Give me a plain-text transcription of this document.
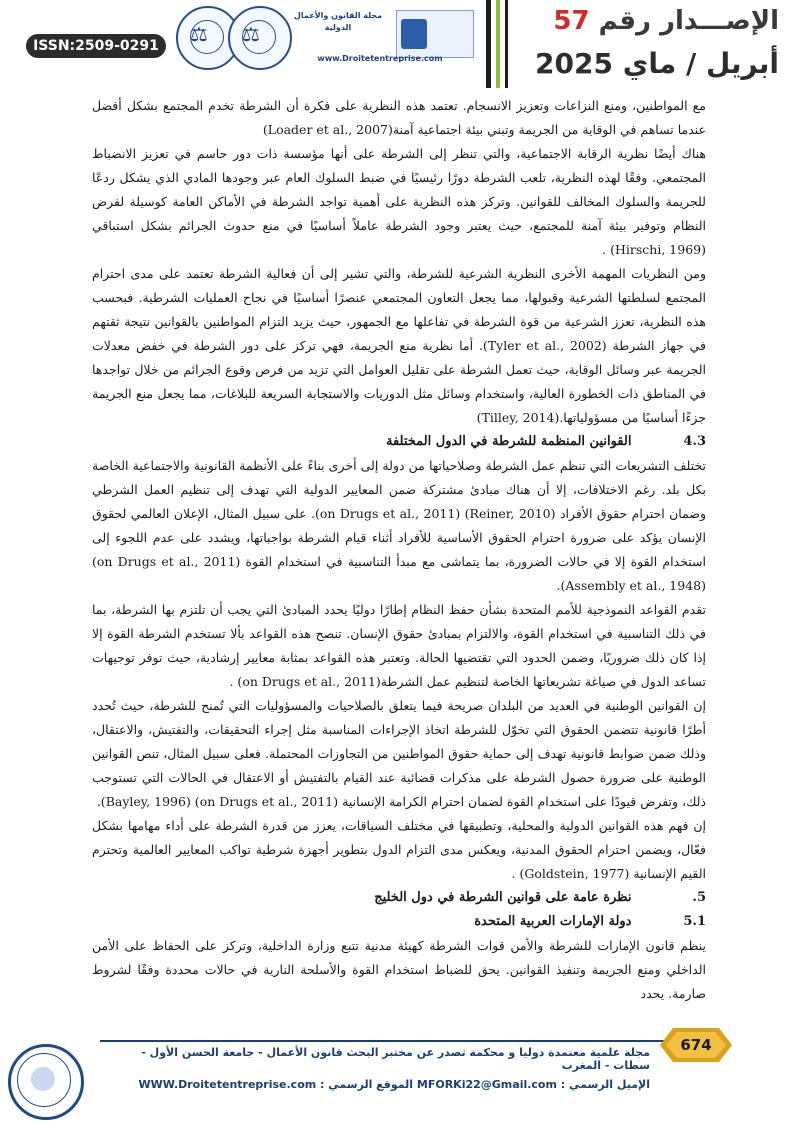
الإصـــدار رقم 57
أبريل / ماي 2025
⚖ ⚖
مجلة القانون والأعمال الدولية
www.Droitetentreprise.com
ISSN:2509-0291

مع المواطنين، ومنع النزاعات وتعزيز الانسجام. تعتمد هذه النظرية على فكرة أن الشرطة تخدم المجتمع بشكل أفضل عندما تساهم في الوقاية من الجريمة وتبني بيئة اجتماعية آمنة(Loader et al., 2007)

هناك أيضًا نظرية الرقابة الاجتماعية، والتي تنظر إلى الشرطة على أنها مؤسسة ذات دور حاسم في تعزيز الانضباط المجتمعي. وفقًا لهذه النظرية، تلعب الشرطة دورًا رئيسيًا في ضبط السلوك العام عبر وجودها المادي الذي يشكل ردعًا للجريمة والسلوك المخالف للقوانين. وتركز هذه النظرية على أهمية تواجد الشرطة في الأماكن العامة كوسيلة لفرض النظام وتوفير بيئة آمنة للمجتمع، حيث يعتبر وجود الشرطة عاملاً أساسيًا في منع حدوث الجرائم بشكل استباقي (Hirschi, 1969) .

ومن النظريات المهمة الأخرى النظرية الشرعية للشرطة، والتي تشير إلى أن فعالية الشرطة تعتمد على مدى احترام المجتمع لسلطتها الشرعية وقبولها، مما يجعل التعاون المجتمعي عنصرًا أساسيًا في نجاح العمليات الشرطية. فبحسب هذه النظرية، تعزز الشرعية من قوة الشرطة في تفاعلها مع الجمهور، حيث يزيد التزام المواطنين بالقوانين نتيجة ثقتهم في جهاز الشرطة (Tyler et al., 2002). أما نظرية منع الجريمة، فهي تركز على دور الشرطة في خفض معدلات الجريمة عبر وسائل الوقاية، حيث تعمل الشرطة على تقليل العوامل التي تزيد من فرص وقوع الجرائم من خلال تواجدها في المناطق ذات الخطورة العالية، واستخدام وسائل مثل الدوريات والاستجابة السريعة للبلاغات، مما يجعل منع الجريمة جزءًا أساسيًا من مسؤولياتها.(Tilley, 2014)

4.3 القوانين المنظمة للشرطة في الدول المختلفة

تختلف التشريعات التي تنظم عمل الشرطة وصلاحياتها من دولة إلى أخرى بناءً على الأنظمة القانونية والاجتماعية الخاصة بكل بلد. رغم الاختلافات، إلا أن هناك مبادئ مشتركة ضمن المعايير الدولية التي تهدف إلى تنظيم العمل الشرطي وضمان احترام حقوق الأفراد (Reiner, 2010) (on Drugs et al., 2011). على سبيل المثال، الإعلان العالمي لحقوق الإنسان يؤكد على ضرورة احترام الحقوق الأساسية للأفراد أثناء قيام الشرطة بواجباتها، ويشدد على عدم اللجوء إلى استخدام القوة إلا في حالات الضرورة، بما يتماشى مع مبدأ التناسبية في استخدام القوة (on Drugs et al., 2011) (Assembly et al., 1948).

تقدم القواعد النموذجية للأمم المتحدة بشأن حفظ النظام إطارًا دوليًا يحدد المبادئ التي يجب أن تلتزم بها الشرطة، بما في ذلك التناسبية في استخدام القوة، والالتزام بمبادئ حقوق الإنسان. تنصح هذه القواعد بألا تستخدم الشرطة القوة إلا إذا كان ذلك ضروريًا، وضمن الحدود التي تقتضيها الحالة. وتعتبر هذه القواعد بمثابة معايير إرشادية، حيث توفر توجيهات تساعد الدول في صياغة تشريعاتها الخاصة لتنظيم عمل الشرطة(on Drugs et al., 2011) .

إن القوانين الوطنية في العديد من البلدان صريحة فيما يتعلق بالصلاحيات والمسؤوليات التي تُمنح للشرطة، حيث تُحدد أطرًا قانونية تتضمن الحقوق التي تخوّل للشرطة اتخاذ الإجراءات المناسبة مثل إجراء التحقيقات، والتفتيش، والاعتقال، وذلك ضمن ضوابط قانونية تهدف إلى حماية حقوق المواطنين من التجاوزات المحتملة. فعلى سبيل المثال، تنص القوانين الوطنية على ضرورة حصول الشرطة على مذكرات قضائية عند القيام بالتفتيش أو الاعتقال في الحالات التي تستوجب ذلك، وتفرض قيودًا على استخدام القوة لضمان احترام الكرامة الإنسانية (on Drugs et al., 2011) (Bayley, 1996).

إن فهم هذه القوانين الدولية والمحلية، وتطبيقها في مختلف السياقات، يعزز من قدرة الشرطة على أداء مهامها بشكل فعّال، ويضمن احترام الحقوق المدنية، ويعكس مدى التزام الدول بتطوير أجهزة شرطية تواكب المعايير العالمية وتحترم القيم الإنسانية (Goldstein, 1977) .

5. نظرة عامة على قوانين الشرطة في دول الخليج
5.1 دولة الإمارات العربية المتحدة

ينظم قانون الإمارات للشرطة والأمن قوات الشرطة كهيئة مدنية تتبع وزارة الداخلية، وتركز على الحفاظ على الأمن الداخلي ومنع الجريمة وتنفيذ القوانين. يحق للضباط استخدام القوة والأسلحة النارية في حالات محددة وفقًا لشروط صارمة. يحدد

674
مجلة علمية معتمدة دوليا و محكمة تصدر عن مختبر البحث قانون الأعمال - جامعة الحسن الأول - سطات - المغرب
الإميل الرسمي : MFORKi22@Gmail.com الموقع الرسمي : WWW.Droitetentreprise.com
